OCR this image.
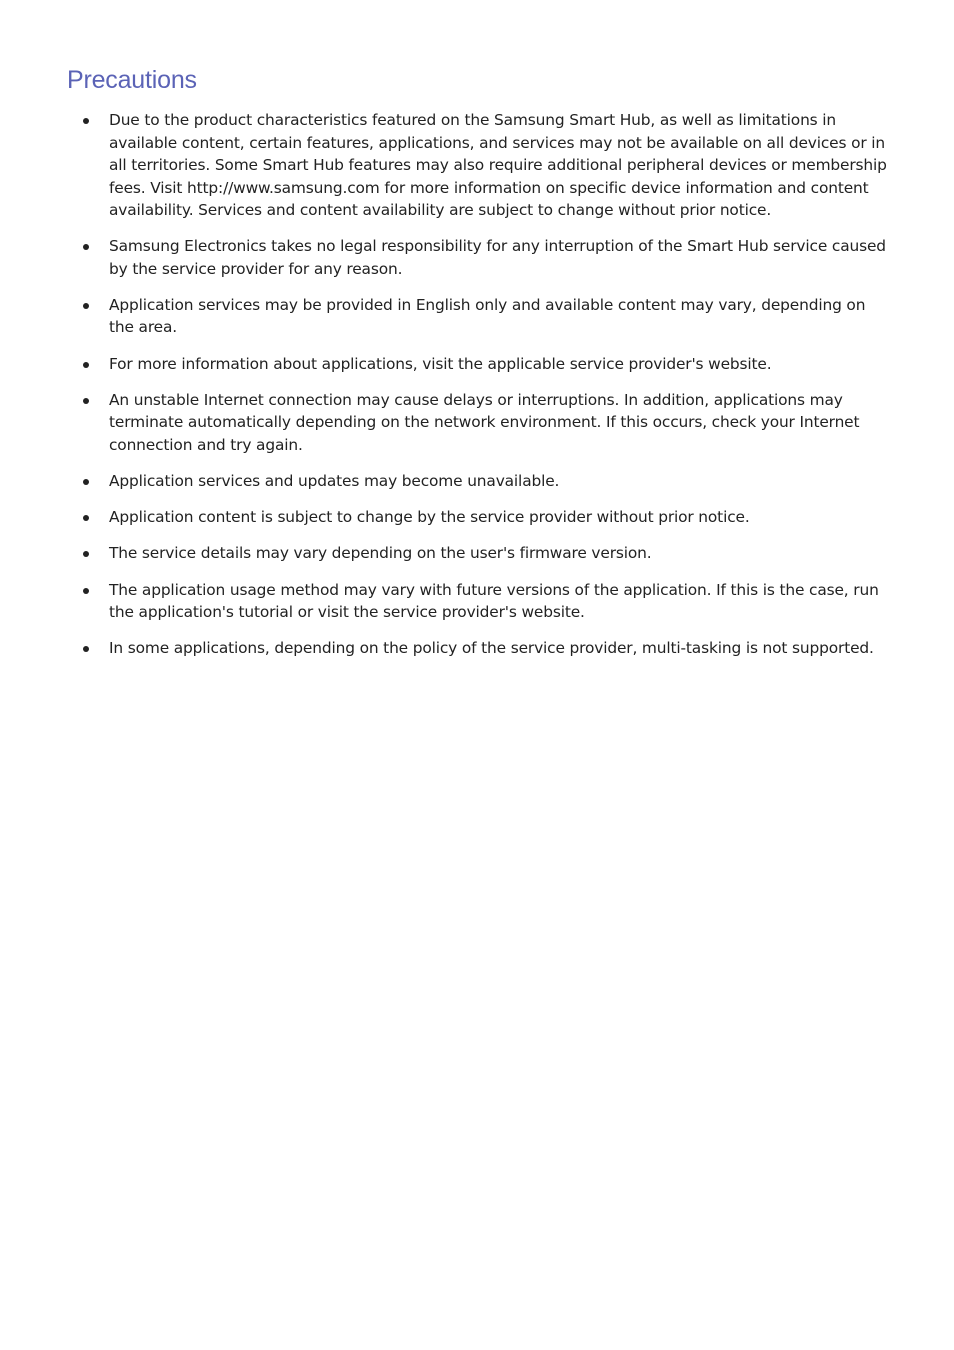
Precautions
Due to the product characteristics featured on the Samsung Smart Hub, as well as limitations in available content, certain features, applications, and services may not be available on all devices or in all territories. Some Smart Hub features may also require additional peripheral devices or membership fees. Visit http://www.samsung.com for more information on specific device information and content availability. Services and content availability are subject to change without prior notice.
Samsung Electronics takes no legal responsibility for any interruption of the Smart Hub service caused by the service provider for any reason.
Application services may be provided in English only and available content may vary, depending on the area.
For more information about applications, visit the applicable service provider's website.
An unstable Internet connection may cause delays or interruptions. In addition, applications may terminate automatically depending on the network environment. If this occurs, check your Internet connection and try again.
Application services and updates may become unavailable.
Application content is subject to change by the service provider without prior notice.
The service details may vary depending on the user's firmware version.
The application usage method may vary with future versions of the application. If this is the case, run the application's tutorial or visit the service provider's website.
In some applications, depending on the policy of the service provider, multi-tasking is not supported.
